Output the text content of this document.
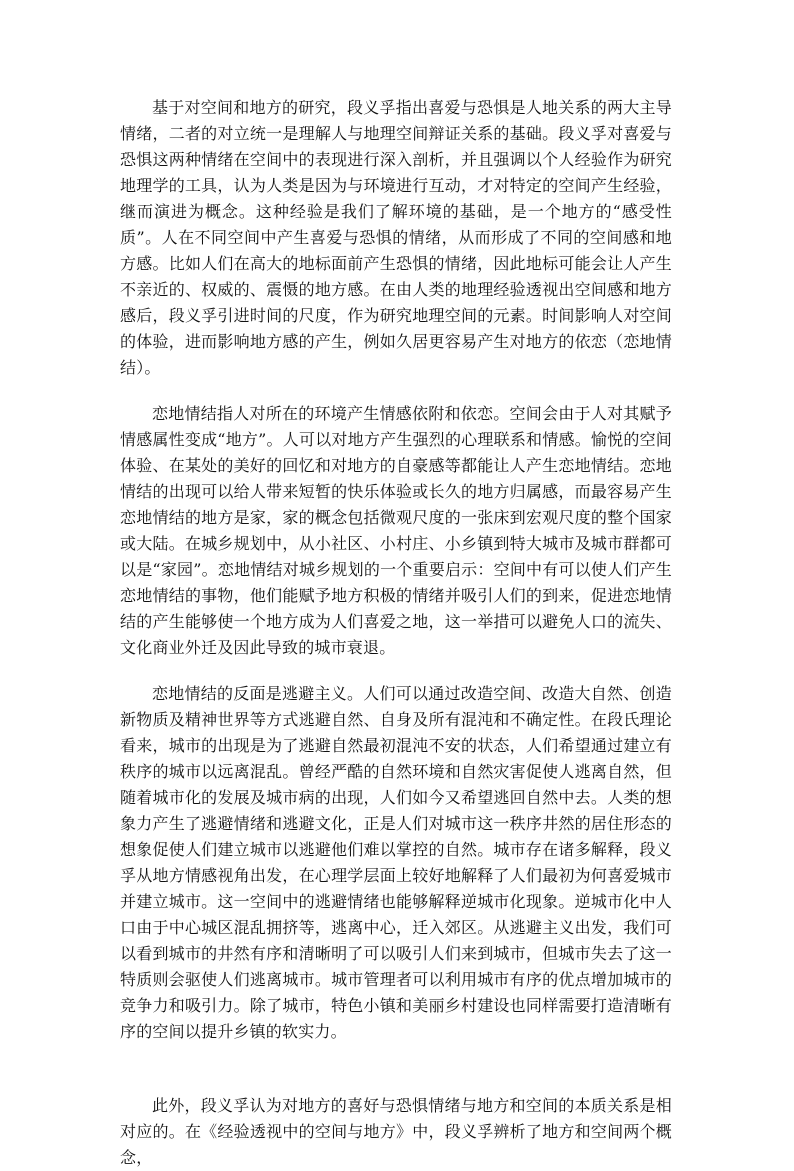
基于对空间和地方的研究，段义孚指出喜爱与恐惧是人地关系的两大主导情绪，二者的对立统一是理解人与地理空间辩证关系的基础。段义孚对喜爱与恐惧这两种情绪在空间中的表现进行深入剖析，并且强调以个人经验作为研究地理学的工具，认为人类是因为与环境进行互动，才对特定的空间产生经验，继而演进为概念。这种经验是我们了解环境的基础，是一个地方的“感受性质”。人在不同空间中产生喜爱与恐惧的情绪，从而形成了不同的空间感和地方感。比如人们在高大的地标面前产生恐惧的情绪，因此地标可能会让人产生不亲近的、权威的、震慑的地方感。在由人类的地理经验透视出空间感和地方感后，段义孚引进时间的尺度，作为研究地理空间的元素。时间影响人对空间的体验，进而影响地方感的产生，例如久居更容易产生对地方的依恋（恋地情结）。

恋地情结指人对所在的环境产生情感依附和依恋。空间会由于人对其赋予情感属性变成“地方”。人可以对地方产生强烈的心理联系和情感。愉悦的空间体验、在某处的美好的回忆和对地方的自豪感等都能让人产生恋地情结。恋地情结的出现可以给人带来短暂的快乐体验或长久的地方归属感，而最容易产生恋地情结的地方是家，家的概念包括微观尺度的一张床到宏观尺度的整个国家或大陆。在城乡规划中，从小社区、小村庄、小乡镇到特大城市及城市群都可以是“家园”。恋地情结对城乡规划的一个重要启示：空间中有可以使人们产生恋地情结的事物，他们能赋予地方积极的情绪并吸引人们的到来，促进恋地情结的产生能够使一个地方成为人们喜爱之地，这一举措可以避免人口的流失、文化商业外迁及因此导致的城市衰退。

恋地情结的反面是逃避主义。人们可以通过改造空间、改造大自然、创造新物质及精神世界等方式逃避自然、自身及所有混沌和不确定性。在段氏理论看来，城市的出现是为了逃避自然最初混沌不安的状态，人们希望通过建立有秩序的城市以远离混乱。曾经严酷的自然环境和自然灾害促使人逃离自然，但随着城市化的发展及城市病的出现，人们如今又希望逃回自然中去。人类的想象力产生了逃避情绪和逃避文化，正是人们对城市这一秩序井然的居住形态的想象促使人们建立城市以逃避他们难以掌控的自然。城市存在诸多解释，段义孚从地方情感视角出发，在心理学层面上较好地解释了人们最初为何喜爱城市并建立城市。这一空间中的逃避情绪也能够解释逆城市化现象。逆城市化中人口由于中心城区混乱拥挤等，逃离中心，迁入郊区。从逃避主义出发，我们可以看到城市的井然有序和清晰明了可以吸引人们来到城市，但城市失去了这一特质则会驱使人们逃离城市。城市管理者可以利用城市有序的优点增加城市的竞争力和吸引力。除了城市，特色小镇和美丽乡村建设也同样需要打造清晰有序的空间以提升乡镇的软实力。

此外，段义孚认为对地方的喜好与恐惧情绪与地方和空间的本质关系是相对应的。在《经验透视中的空间与地方》中，段义孚辨析了地方和空间两个概念，
